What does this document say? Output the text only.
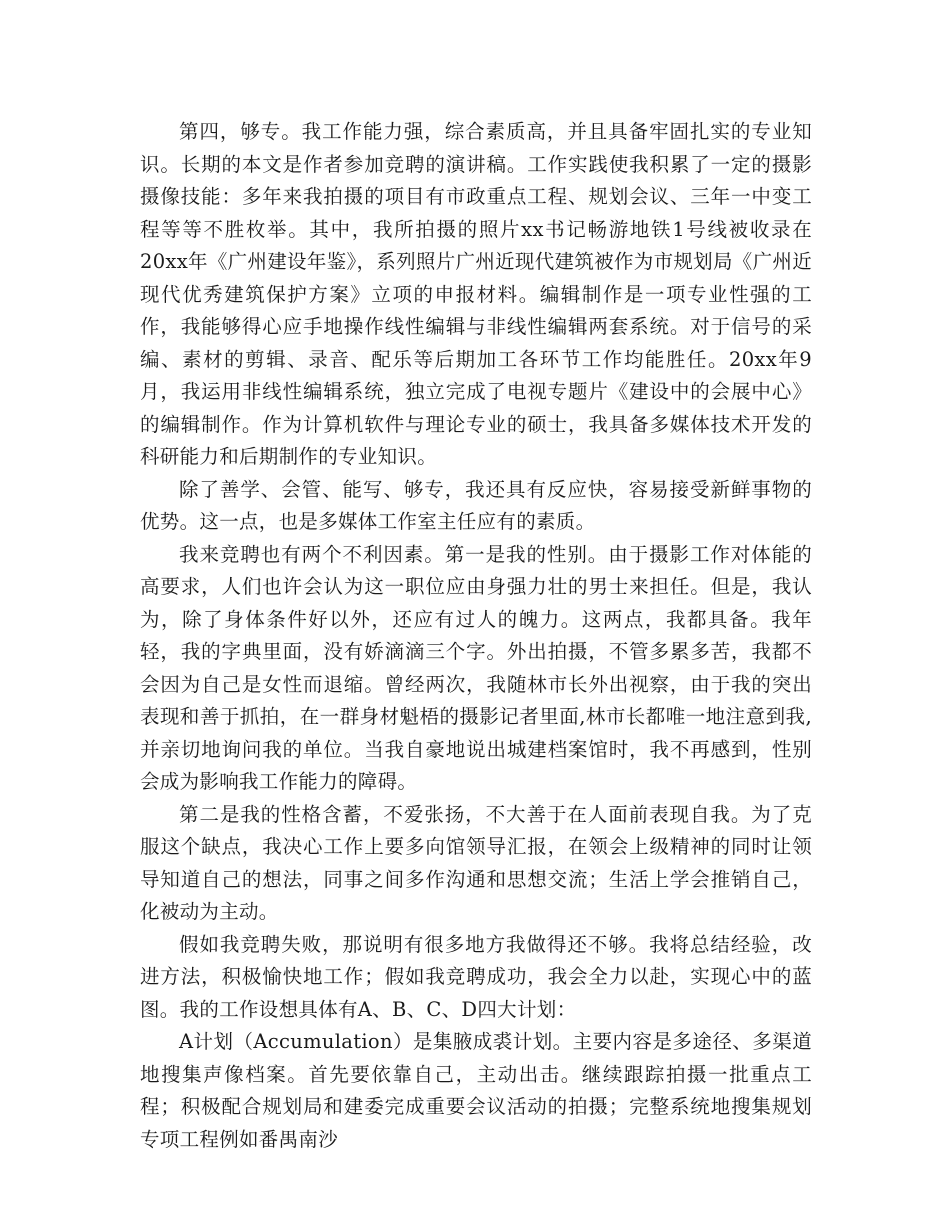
第四，够专。我工作能力强，综合素质高，并且具备牢固扎实的专业知识。长期的本文是作者参加竞聘的演讲稿。工作实践使我积累了一定的摄影摄像技能：多年来我拍摄的项目有市政重点工程、规划会议、三年一中变工程等等不胜枚举。其中，我所拍摄的照片xx书记畅游地铁1号线被收录在20xx年《广州建设年鉴》，系列照片广州近现代建筑被作为市规划局《广州近现代优秀建筑保护方案》立项的申报材料。编辑制作是一项专业性强的工作，我能够得心应手地操作线性编辑与非线性编辑两套系统。对于信号的采编、素材的剪辑、录音、配乐等后期加工各环节工作均能胜任。20xx年9月，我运用非线性编辑系统，独立完成了电视专题片《建设中的会展中心》的编辑制作。作为计算机软件与理论专业的硕士，我具备多媒体技术开发的科研能力和后期制作的专业知识。

除了善学、会管、能写、够专，我还具有反应快，容易接受新鲜事物的优势。这一点，也是多媒体工作室主任应有的素质。

我来竞聘也有两个不利因素。第一是我的性别。由于摄影工作对体能的高要求，人们也许会认为这一职位应由身强力壮的男士来担任。但是，我认为，除了身体条件好以外，还应有过人的魄力。这两点，我都具备。我年轻，我的字典里面，没有娇滴滴三个字。外出拍摄，不管多累多苦，我都不会因为自己是女性而退缩。曾经两次，我随林市长外出视察，由于我的突出表现和善于抓拍，在一群身材魁梧的摄影记者里面,林市长都唯一地注意到我,并亲切地询问我的单位。当我自豪地说出城建档案馆时，我不再感到，性别会成为影响我工作能力的障碍。

第二是我的性格含蓄，不爱张扬，不大善于在人面前表现自我。为了克服这个缺点，我决心工作上要多向馆领导汇报，在领会上级精神的同时让领导知道自己的想法，同事之间多作沟通和思想交流；生活上学会推销自己，化被动为主动。

假如我竞聘失败，那说明有很多地方我做得还不够。我将总结经验，改进方法，积极愉快地工作；假如我竞聘成功，我会全力以赴，实现心中的蓝图。我的工作设想具体有A、B、C、D四大计划：

A计划（Accumulation）是集腋成裘计划。主要内容是多途径、多渠道地搜集声像档案。首先要依靠自己，主动出击。继续跟踪拍摄一批重点工程；积极配合规划局和建委完成重要会议活动的拍摄；完整系统地搜集规划专项工程例如番禺南沙
